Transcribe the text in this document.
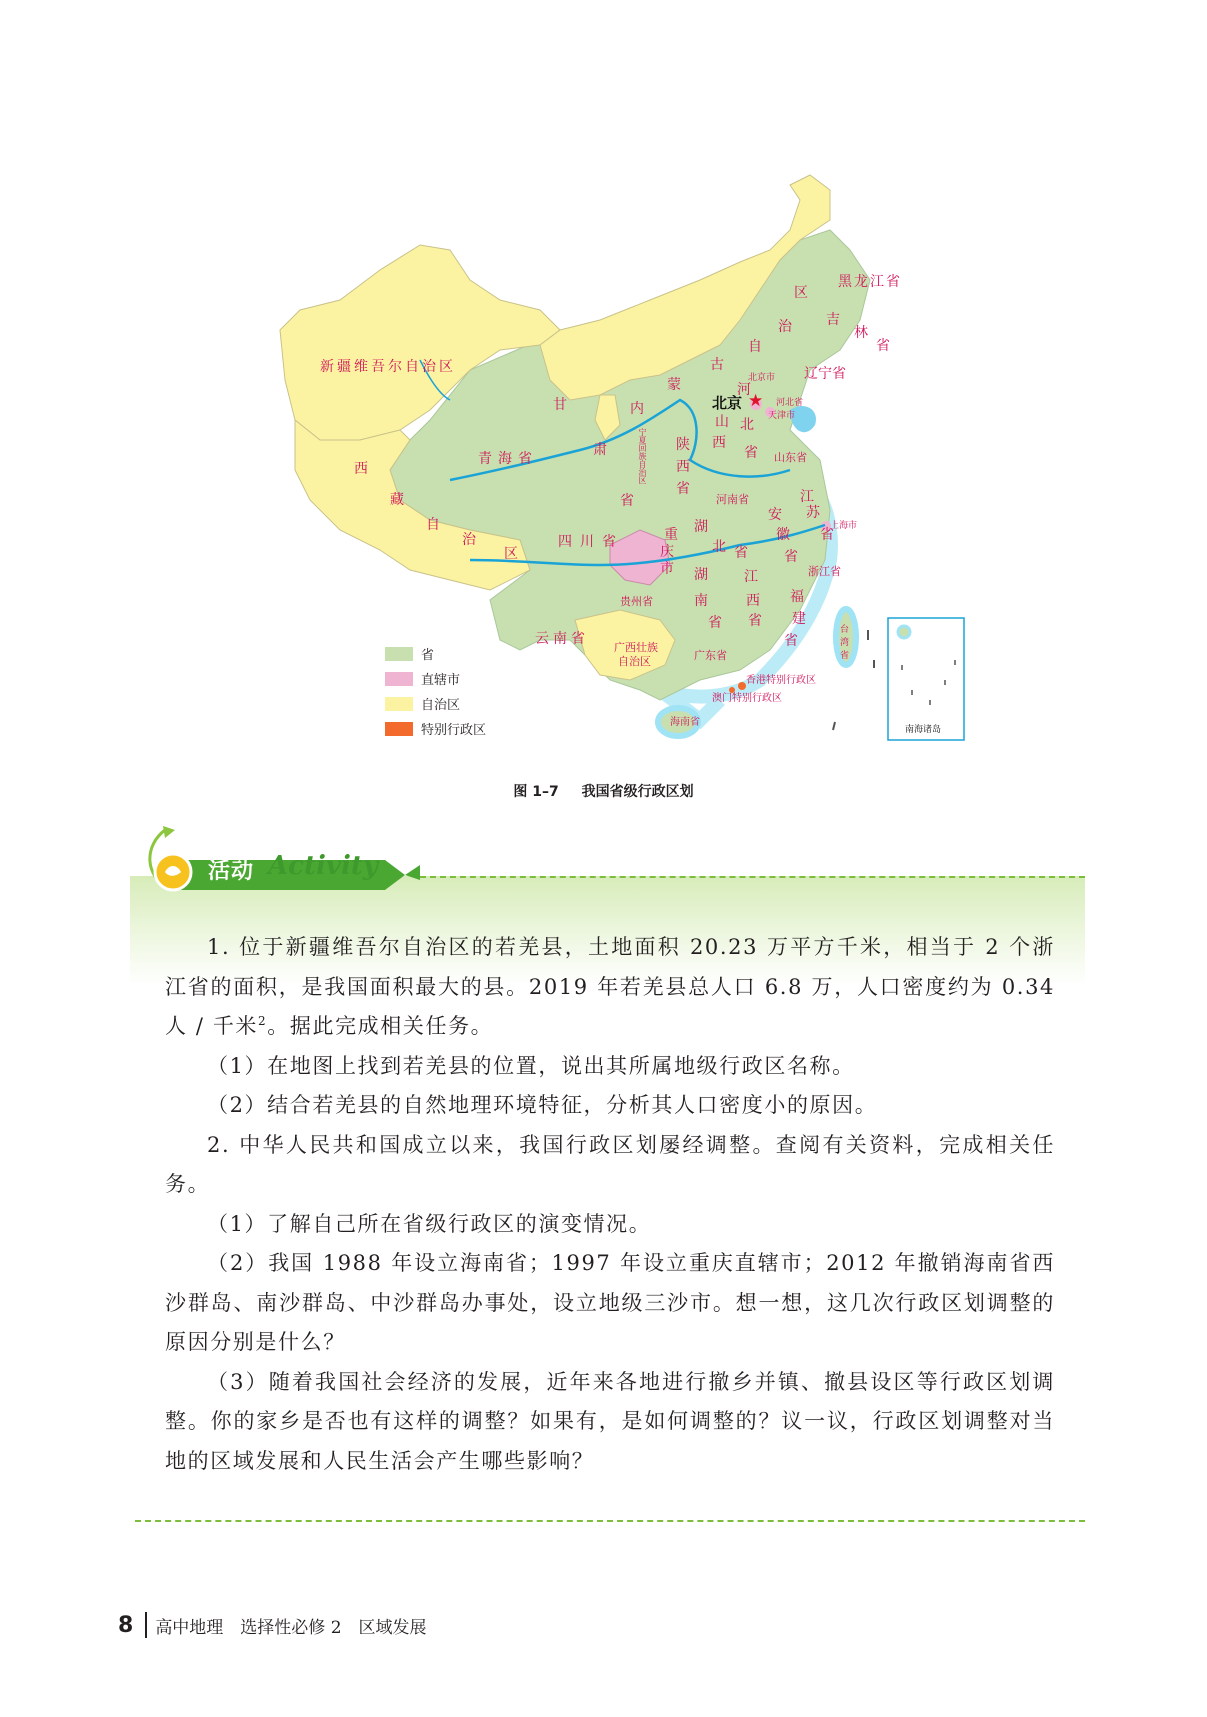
新疆维吾尔自治区
西
藏
自
治
区
青海省
甘
肃
省
内
蒙
古
自
治
区
黑龙江省
吉
林
省
辽宁省
北京市
天津市
河北省
河
北
山
西
省
宁夏回族自治区 陕
西
省
山东省
河南省	江
苏
省
上海市
安
徽
省
四川省	重
庆
市
湖
北 省
浙江省
湖
南
省
江
西
省
贵州省	福
建
省
云南省
广西壮族
自治区	广东省
台
湾
省
香港特别行政区
澳门特别行政区
海南省
北京 ★
南海诸岛
省
直辖市
自治区
特别行政区
图 1–7 我国省级行政区划
活动 Activity

1. 位于新疆维吾尔自治区的若羌县，土地面积 20.23 万平方千米，相当于 2 个浙江省的面积，是我国面积最大的县。2019 年若羌县总人口 6.8 万，人口密度约为 0.34 人 / 千米$^2$。据此完成相关任务。

（1）在地图上找到若羌县的位置，说出其所属地级行政区名称。

（2）结合若羌县的自然地理环境特征，分析其人口密度小的原因。

2. 中华人民共和国成立以来，我国行政区划屡经调整。查阅有关资料，完成相关任务。

（1）了解自己所在省级行政区的演变情况。

（2）我国 1988 年设立海南省；1997 年设立重庆直辖市；2012 年撤销海南省西沙群岛、南沙群岛、中沙群岛办事处，设立地级三沙市。想一想，这几次行政区划调整的原因分别是什么？

（3）随着我国社会经济的发展，近年来各地进行撤乡并镇、撤县设区等行政区划调整。你的家乡是否也有这样的调整？如果有，是如何调整的？议一议，行政区划调整对当地的区域发展和人民生活会产生哪些影响？

8 高中地理　选择性必修 2　区域发展
